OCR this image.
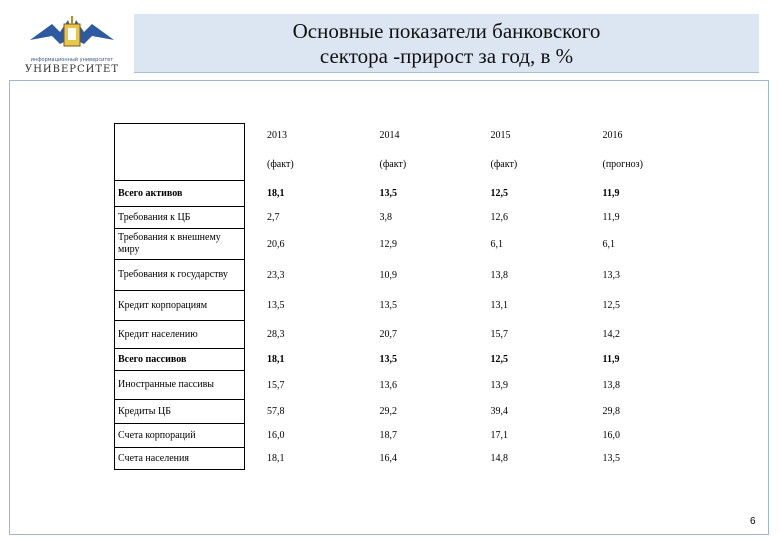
информационный университет
УНИВЕРСИТЕТ
Основные показатели банковского
сектора -прирост за год, в %
	2013	2014	2015	2016
	(факт)	(факт)	(факт)	(прогноз)
Всего активов	18,1	13,5	12,5	11,9
Требования к ЦБ	2,7	3,8	12,6	11,9
Требования к внешнему миру	20,6	12,9	6,1	6,1
Требования к государству	23,3	10,9	13,8	13,3
Кредит корпорациям	13,5	13,5	13,1	12,5
Кредит населению	28,3	20,7	15,7	14,2
Всего пассивов	18,1	13,5	12,5	11,9
Иностранные пассивы	15,7	13,6	13,9	13,8
Кредиты ЦБ	57,8	29,2	39,4	29,8
Счета корпораций	16,0	18,7	17,1	16,0
Счета населения	18,1	16,4	14,8	13,5
6
